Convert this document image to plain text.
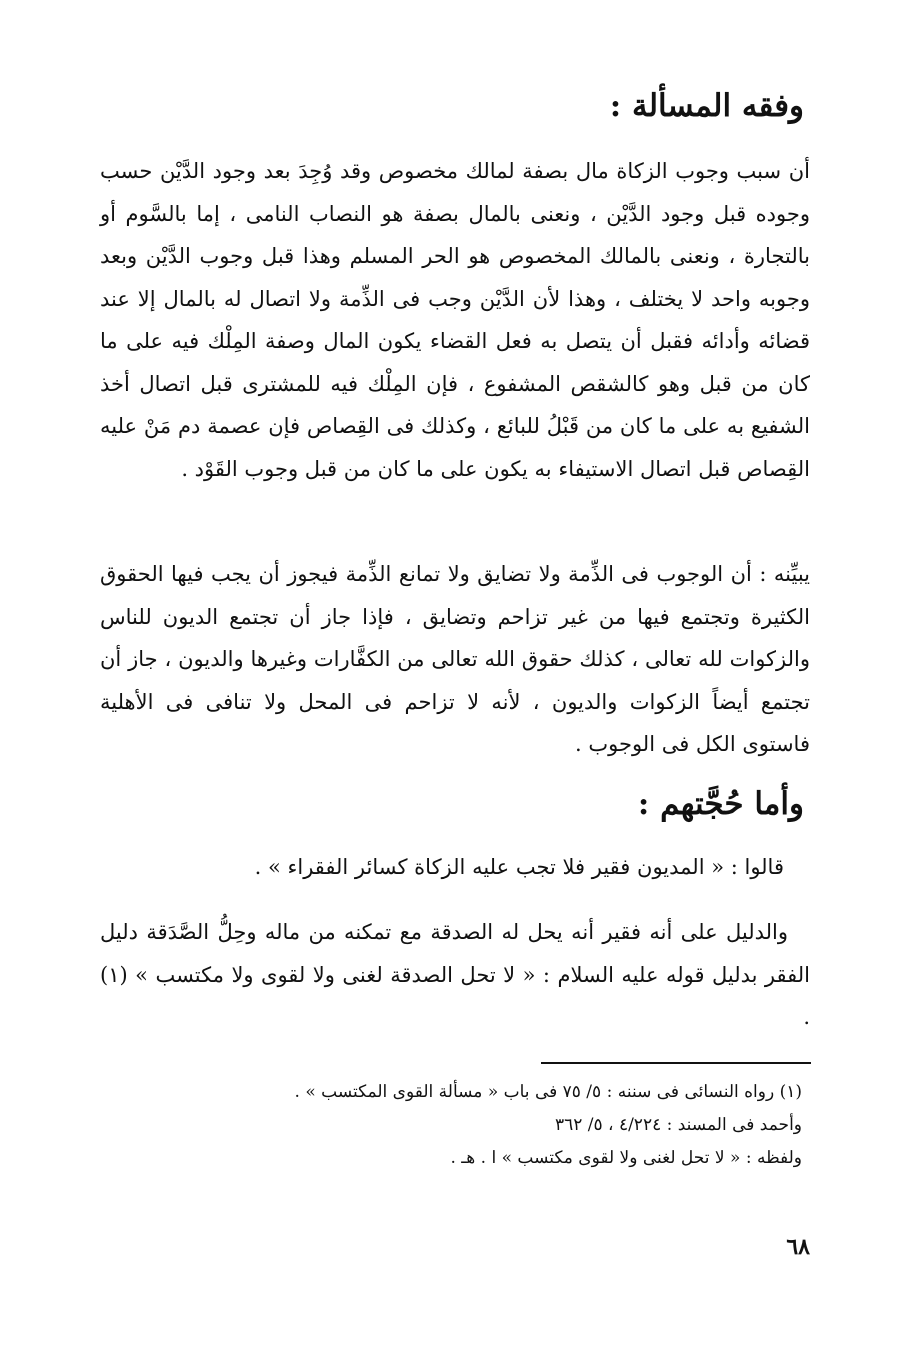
وفقه المسألة :
أن سبب وجوب الزكاة مال بصفة لمالك مخصوص وقد وُجِدَ بعد وجود الدَّيْن حسب وجوده قبل وجود الدَّيْن ، ونعنى بالمال بصفة هو النصاب النامى ، إما بالسَّوم أو بالتجارة ، ونعنى بالمالك المخصوص هو الحر المسلم وهذا قبل وجوب الدَّيْن وبعد وجوبه واحد لا يختلف ، وهذا لأن الدَّيْن وجب فى الذِّمة ولا اتصال له بالمال إلا عند قضائه وأدائه فقبل أن يتصل به فعل القضاء يكون المال وصفة المِلْك فيه على ما كان من قبل وهو كالشقص المشفوع ، فإن المِلْك فيه للمشترى قبل اتصال أخذ الشفيع به على ما كان من قَبْلُ للبائع ، وكذلك فى القِصاص فإن عصمة دم مَنْ عليه القِصاص قبل اتصال الاستيفاء به يكون على ما كان من قبل وجوب القَوْد .
يبيِّنه : أن الوجوب فى الذِّمة ولا تضايق ولا تمانع الذِّمة فيجوز أن يجب فيها الحقوق الكثيرة وتجتمع فيها من غير تزاحم وتضايق ، فإذا جاز أن تجتمع الديون للناس والزكوات لله تعالى ، كذلك حقوق الله تعالى من الكفَّارات وغيرها والديون ، جاز أن تجتمع أيضاً الزكوات والديون ، لأنه لا تزاحم فى المحل ولا تنافى فى الأهلية فاستوى الكل فى الوجوب .
وأما حُجَّتهم :
قالوا : « المديون فقير فلا تجب عليه الزكاة كسائر الفقراء » .
والدليل على أنه فقير أنه يحل له الصدقة مع تمكنه من ماله وحِلُّ الصَّدَقة دليل الفقر بدليل قوله عليه السلام : « لا تحل الصدقة لغنى ولا لقوى ولا مكتسب » (١) .
(١) رواه النسائى فى سننه : ٥/ ٧٥ فى باب « مسألة القوى المكتسب » .
وأحمد فى المسند : ٤/٢٢٤ ، ٥/ ٣٦٢
ولفظه : « لا تحل لغنى ولا لقوى مكتسب » ا . هـ .
٦٨
